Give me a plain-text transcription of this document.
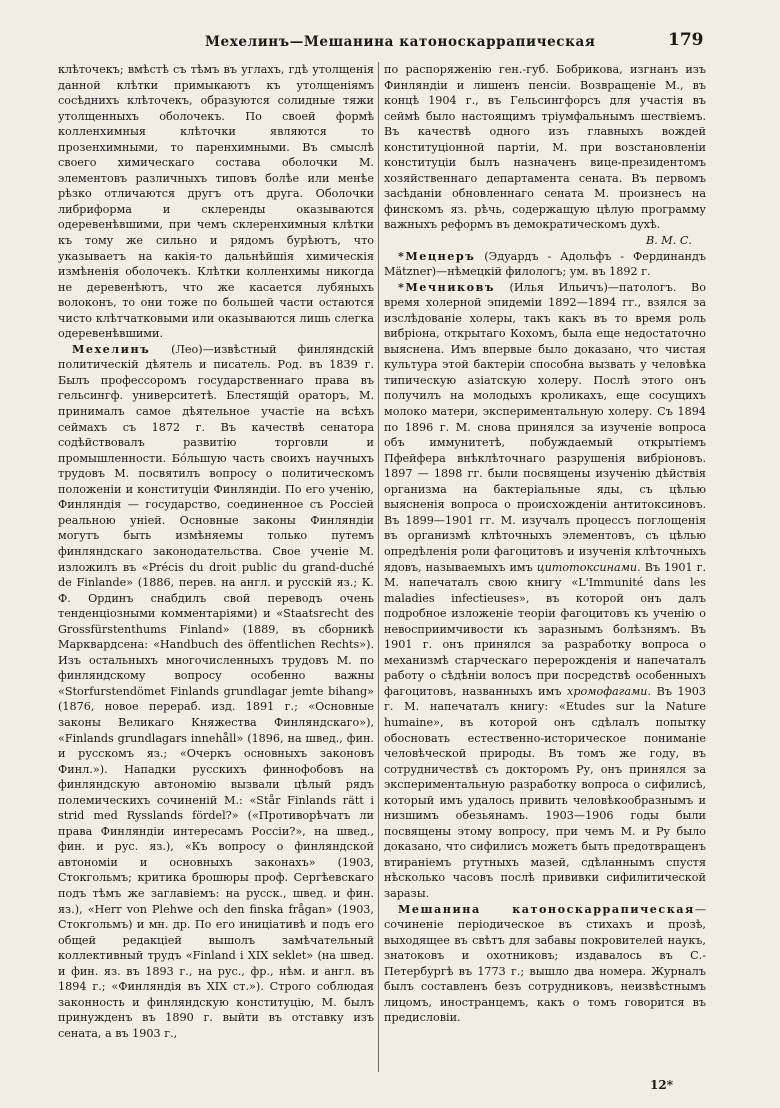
Мехелинъ—Мешанина катоноскаррапическая	179

клѣточекъ; вмѣстѣ съ тѣмъ въ углахъ, гдѣ утолщенія данной клѣтки примыкаютъ къ утолщеніямъ сосѣднихъ клѣточекъ, образуются солидные тяжи утолщенныхъ оболочекъ. По своей формѣ колленхимныя клѣточки являются то прозенхимными, то паренхимными. Въ смыслѣ своего химическаго состава оболочки М. элементовъ различныхъ типовъ болѣе или менѣе рѣзко отличаются другъ отъ друга. Оболочки либриформа и склеренды оказываются одеревенѣвшими, при чемъ склеренхимныя клѣтки къ тому же сильно и рядомъ бурѣютъ, что указываетъ на какія-то дальнѣйшія химическія измѣненія оболочекъ. Клѣтки колленхимы никогда не деревенѣютъ, что же касается лубяныхъ волоконъ, то они тоже по большей части остаются чисто клѣтчатковыми или оказываются лишь слегка одеревенѣвшими.

Мехелинъ (Лео)—извѣстный финляндскій политическій дѣятель и писатель. Род. въ 1839 г. Былъ профессоромъ государственнаго права въ гельсингф. университетѣ. Блестящій ораторъ, М. принималъ самое дѣятельное участіе на всѣхъ сеймахъ съ 1872 г. Въ качествѣ сенатора содѣйствовалъ развитію торговли и промышленности. Бóльшую часть своихъ научныхъ трудовъ М. посвятилъ вопросу о политическомъ положеніи и конституціи Финляндіи. По его ученію, Финляндія — государство, соединенное съ Россіей реальною уніей. Основные законы Финляндіи могутъ быть измѣняемы только путемъ финляндскаго законодательства. Свое ученіе М. изложилъ въ «Précis du droit public du grand-duché de Finlande» (1886, перев. на англ. и русскій яз.; К. Ф. Ординъ снабдилъ свой переводъ очень тенденціозными комментаріями) и «Staatsrecht des Grossfürstenthums Finland» (1889, въ сборникѣ Марквардсена: «Handbuch des öffentlichen Rechts»). Изъ остальныхъ многочисленныхъ трудовъ М. по финляндскому вопросу особенно важны «Storfurstendömet Finlands grundlagar jemte bihang» (1876, новое перераб. изд. 1891 г.; «Основные законы Великаго Княжества Финляндскаго»), «Finlands grundlagars innehåll» (1896, на швед., фин. и русскомъ яз.; «Очеркъ основныхъ законовъ Финл.»). Нападки русскихъ финнофобовъ на финляндскую автономію вызвали цѣлый рядъ полемическихъ сочиненій М.: «Står Finlands rätt i strid med Rysslands fördel?» («Противорѣчатъ ли права Финляндіи интересамъ Россіи?», на швед., фин. и рус. яз.), «Къ вопросу о финляндской автономіи и основныхъ законахъ» (1903, Стокгольмъ; критика брошюры проф. Сергѣевскаго подъ тѣмъ же заглавіемъ: на русск., швед. и фин. яз.), «Herr von Plehwe och den finska frågan» (1903, Стокгольмъ) и мн. др. По его иниціативѣ и подъ его общей редакціей вышолъ замѣчательный коллективный трудъ «Finland i XIX seklet» (на швед. и фин. яз. въ 1893 г., на рус., фр., нѣм. и англ. въ 1894 г.; «Финляндія въ XIX ст.»). Строго соблюдая законность и финляндскую конституцію, М. былъ принужденъ въ 1890 г. выйти въ отставку изъ сената, а въ 1903 г.,

по распоряженію ген.-губ. Бобрикова, изгнанъ изъ Финляндіи и лишенъ пенсіи. Возвращеніе М., въ концѣ 1904 г., въ Гельсингфорсъ для участія въ сеймѣ было настоящимъ тріумфальнымъ шествіемъ. Въ качествѣ одного изъ главныхъ вождей конституціонной партіи, М. при возстановленіи конституціи былъ назначенъ вице-президентомъ хозяйственнаго департамента сената. Въ первомъ засѣданіи обновленнаго сената М. произнесъ на финскомъ яз. рѣчь, содержащую цѣлую программу важныхъ реформъ въ демократическомъ духѣ.
В. М. С.

*Мецнеръ (Эдуардъ - Адольфъ - Фердинандъ Mätzner)—нѣмецкій филологъ; ум. въ 1892 г.

*Мечниковъ (Илья Ильичъ)—патологъ. Во время холерной эпидеміи 1892—1894 гг., взялся за изслѣдованіе холеры, такъ какъ въ то время роль вибріона, открытаго Кохомъ, была еще недостаточно выяснена. Имъ впервые было доказано, что чистая культура этой бактеріи способна вызвать у человѣка типическую азіатскую холеру. Послѣ этого онъ получилъ на молодыхъ кроликахъ, еще сосущихъ молоко матери, экспериментальную холеру. Съ 1894 по 1896 г. М. снова принялся за изученіе вопроса объ иммунитетѣ, побуждаемый открытіемъ Пфейфера внѣклѣточнаго разрушенія вибріоновъ. 1897 — 1898 гг. были посвящены изученію дѣйствія организма на бактеріальные яды, съ цѣлью выясненія вопроса о происхожденіи антитоксиновъ. Въ 1899—1901 гг. М. изучалъ процессъ поглощенія въ организмѣ клѣточныхъ элементовъ, съ цѣлью опредѣленія роли фагоцитовъ и изученія клѣточныхъ ядовъ, называемыхъ имъ цитотоксинами. Въ 1901 г. М. напечаталъ свою книгу «L'Immunité dans les maladies infectieuses», въ которой онъ далъ подробное изложеніе теоріи фагоцитовъ къ ученію о невосприимчивости къ заразнымъ болѣзнямъ. Въ 1901 г. онъ принялся за разработку вопроса о механизмѣ старческаго перерожденія и напечаталъ работу о сѣдѣніи волосъ при посредствѣ особенныхъ фагоцитовъ, названныхъ имъ хромофагами. Въ 1903 г. М. напечаталъ книгу: «Etudes sur la Nature humaine», въ которой онъ сдѣлалъ попытку обосновать естественно-историческое пониманіе человѣческой природы. Въ томъ же году, въ сотрудничествѣ съ докторомъ Ру, онъ принялся за экспериментальную разработку вопроса о сифилисѣ, который имъ удалось привить человѣкообразнымъ и низшимъ обезьянамъ. 1903—1906 годы были посвящены этому вопросу, при чемъ М. и Ру было доказано, что сифилисъ можетъ быть предотвращенъ втираніемъ ртутныхъ мазей, сдѣланнымъ спустя нѣсколько часовъ послѣ прививки сифилитической заразы.

Мешанина катоноскаррапическая—сочиненіе періодическое въ стихахъ и прозѣ, выходящее въ свѣтъ для забавы покровителей наукъ, знатоковъ и охотниковъ; издавалось въ С.-Петербургѣ въ 1773 г.; вышло два номера. Журналъ былъ составленъ безъ сотрудниковъ, неизвѣстнымъ лицомъ, иностранцемъ, какъ о томъ говорится въ предисловіи.

12*
